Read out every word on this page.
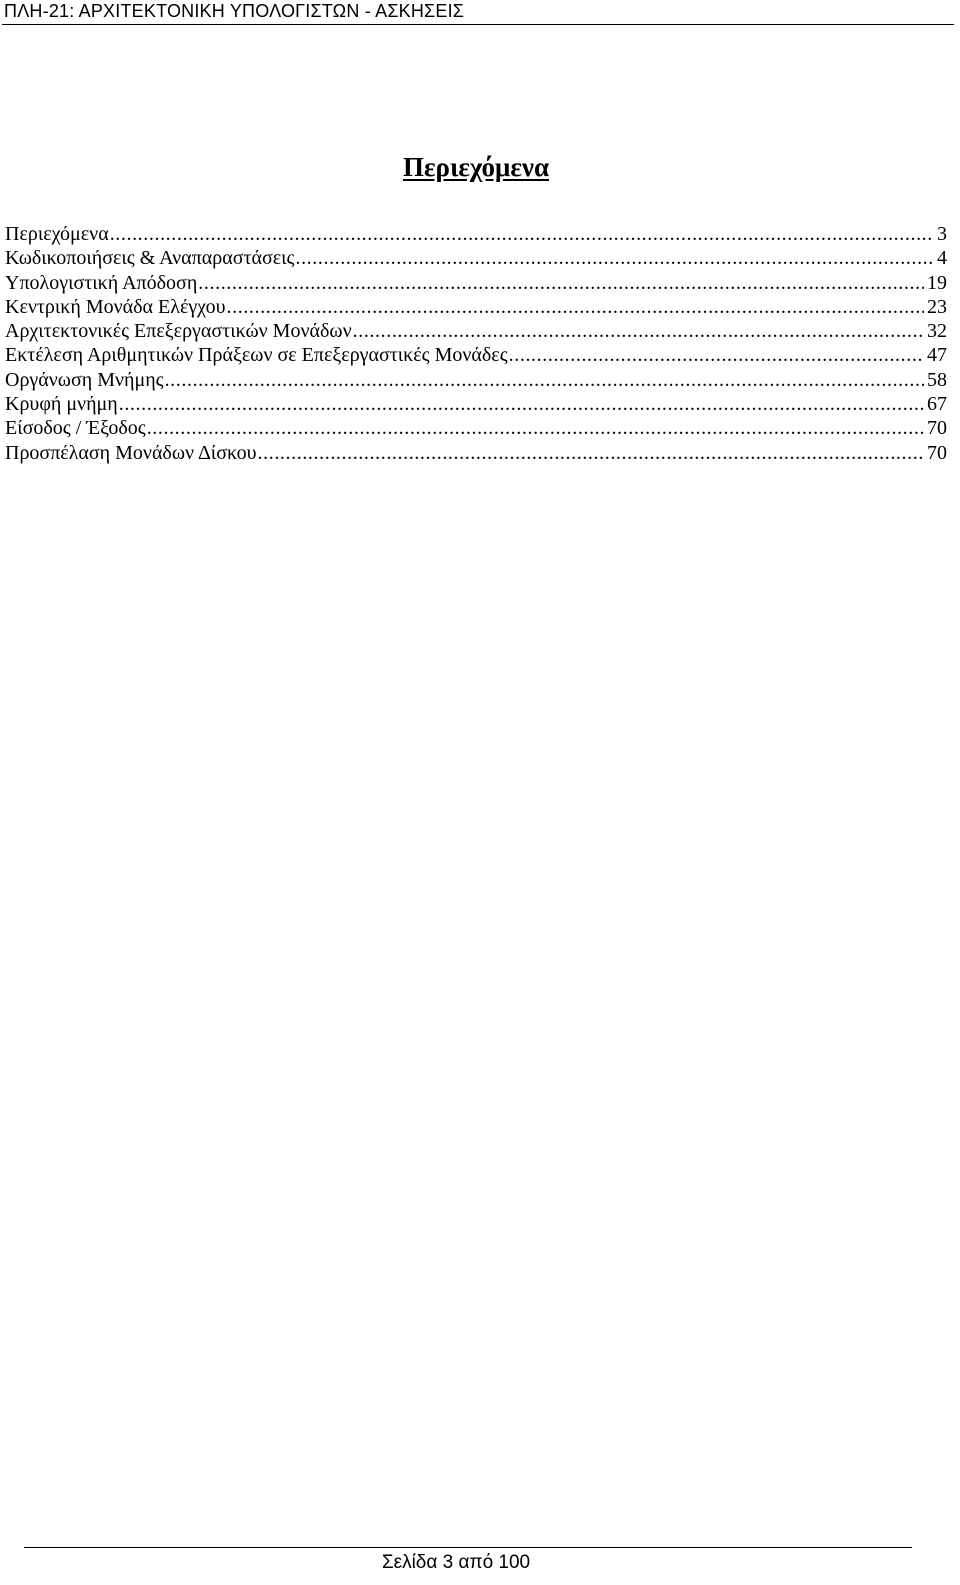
ΠΛΗ-21: ΑΡΧΙΤΕΚΤΟΝΙΚΗ ΥΠΟΛΟΓΙΣΤΩΝ - ΑΣΚΗΣΕΙΣ
Περιεχόμενα
Περιεχόμενα .....	3
Κωδικοποιήσεις & Αναπαραστάσεις .....	4
Υπολογιστική Απόδοση .....	19
Κεντρική Μονάδα Ελέγχου .....	23
Αρχιτεκτονικές Επεξεργαστικών Μονάδων .....	32
Εκτέλεση Αριθμητικών Πράξεων σε Επεξεργαστικές Μονάδες .....	47
Οργάνωση Μνήμης .....	58
Κρυφή μνήμη .....	67
Είσοδος / Έξοδος .....	70
Προσπέλαση Μονάδων Δίσκου .....	70
Σελίδα 3 από 100
